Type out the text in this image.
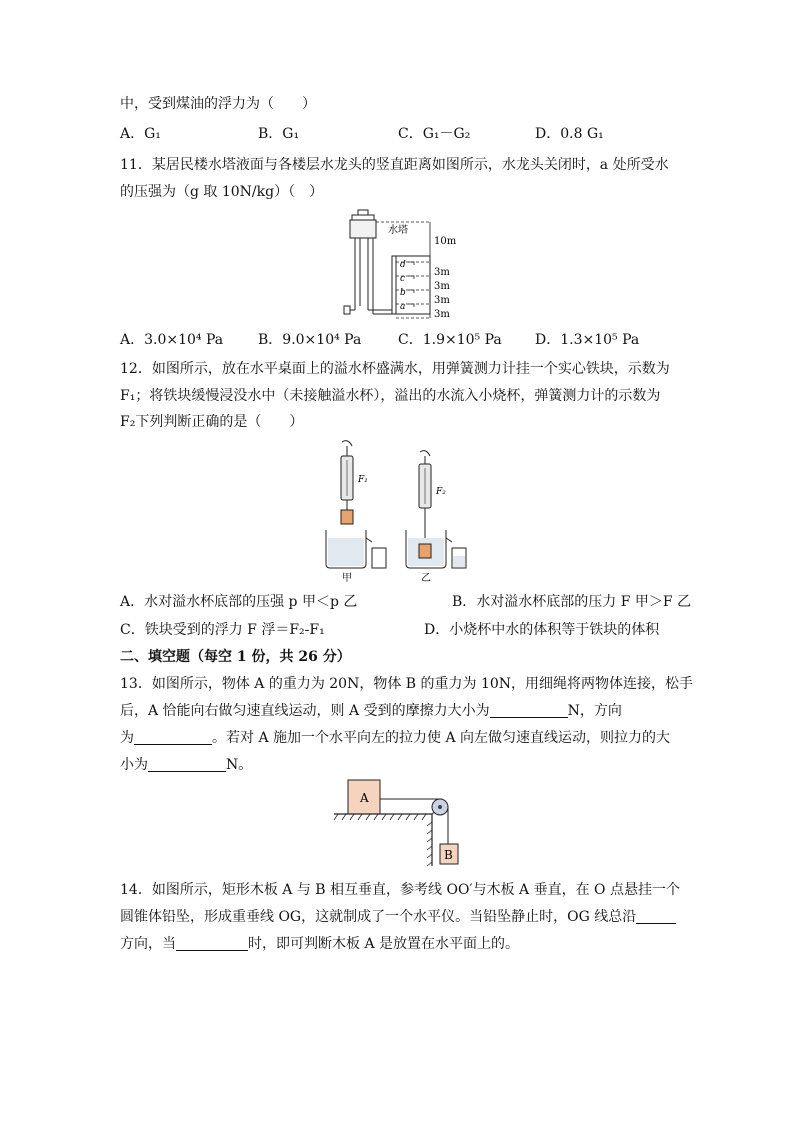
中，受到煤油的浮力为（　　）
A．G₁	B．G₁	C．G₁－G₂	D．0.8 G₁
11．某居民楼水塔液面与各楼层水龙头的竖直距离如图所示，水龙头关闭时，a 处所受水
的压强为（g 取 10N/kg）（　）
d
c
b
a
水塔
10m
3m
3m
3m
3m
A．3.0×10⁴ Pa B．9.0×10⁴ Pa	C．1.9×10⁵ Pa D．1.3×10⁵ Pa
12．如图所示，放在水平桌面上的溢水杯盛满水，用弹簧测力计挂一个实心铁块，示数为
F₁；将铁块缓慢浸没水中（未接触溢水杯），溢出的水流入小烧杯，弹簧测力计的示数为
F₂下列判断正确的是（　　）
F₁
甲
F₂
乙
A．水对溢水杯底部的压强 p 甲＜p 乙	B．水对溢水杯底部的压力 F 甲＞F 乙
C．铁块受到的浮力 F 浮＝F₂-F₁	D．小烧杯中水的体积等于铁块的体积
二、填空题（每空 1 份，共 26 分）
13．如图所示，物体 A 的重力为 20N，物体 B 的重力为 10N，用细绳将两物体连接，松手
后，A 恰能向右做匀速直线运动，则 A 受到的摩擦力大小为	N，方向
为	。若对 A 施加一个水平向左的拉力使 A 向左做匀速直线运动，则拉力的大
小为	N。
A
B
14．如图所示，矩形木板 A 与 B 相互垂直，参考线 OO′与木板 A 垂直，在 O 点悬挂一个
圆锥体铅坠，形成重垂线 OG，这就制成了一个水平仪。当铅坠静止时，OG 线总沿
方向，当	时，即可判断木板 A 是放置在水平面上的。
